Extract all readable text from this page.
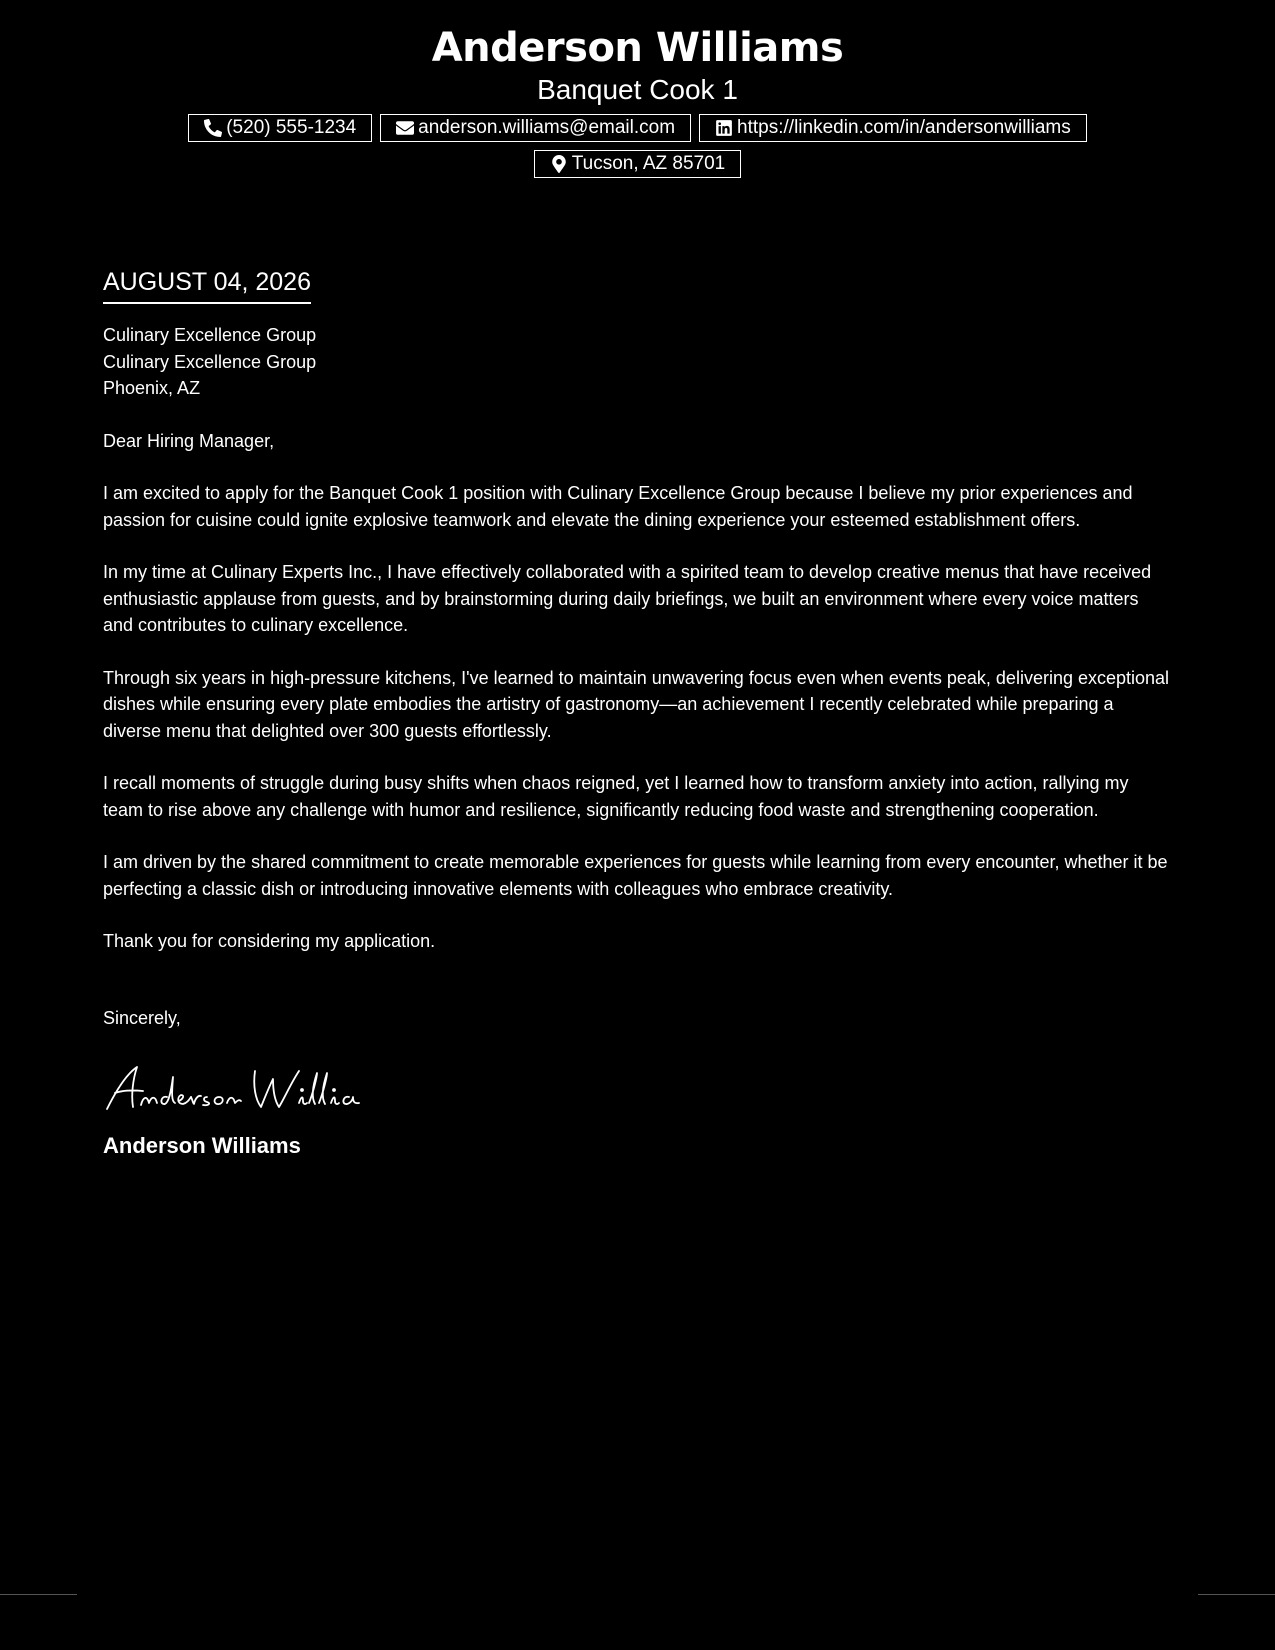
Anderson Williams
Banquet Cook 1
(520) 555-1234	anderson.williams@email.com	https://linkedin.com/in/andersonwilliams
Tucson, AZ 85701
AUGUST 04, 2026
Culinary Excellence Group
Culinary Excellence Group
Phoenix, AZ
Dear Hiring Manager,
I am excited to apply for the Banquet Cook 1 position with Culinary Excellence Group because I believe my prior experiences and passion for cuisine could ignite explosive teamwork and elevate the dining experience your esteemed establishment offers.
In my time at Culinary Experts Inc., I have effectively collaborated with a spirited team to develop creative menus that have received enthusiastic applause from guests, and by brainstorming during daily briefings, we built an environment where every voice matters and contributes to culinary excellence.
Through six years in high-pressure kitchens, I've learned to maintain unwavering focus even when events peak, delivering exceptional dishes while ensuring every plate embodies the artistry of gastronomy—an achievement I recently celebrated while preparing a diverse menu that delighted over 300 guests effortlessly.
I recall moments of struggle during busy shifts when chaos reigned, yet I learned how to transform anxiety into action, rallying my team to rise above any challenge with humor and resilience, significantly reducing food waste and strengthening cooperation.
I am driven by the shared commitment to create memorable experiences for guests while learning from every encounter, whether it be perfecting a classic dish or introducing innovative elements with colleagues who embrace creativity.
Thank you for considering my application.
Sincerely,
Anderson Williams
